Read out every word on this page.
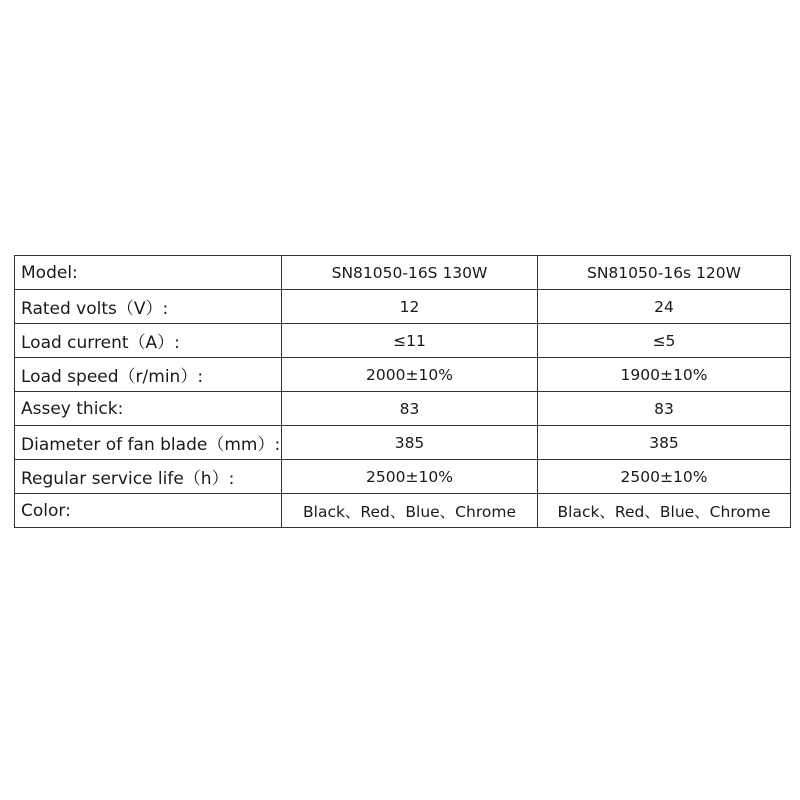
Model:	SN81050-16S 130W	SN81050-16s 120W
Rated volts（V）:	12	24
Load current（A）:	≤11	≤5
Load speed（r/min）:	2000±10%	1900±10%
Assey thick:	83	83
Diameter of fan blade（mm）:	385	385
Regular service life（h）:	2500±10%	2500±10%
Color:	Black、Red、Blue、Chrome	Black、Red、Blue、Chrome
